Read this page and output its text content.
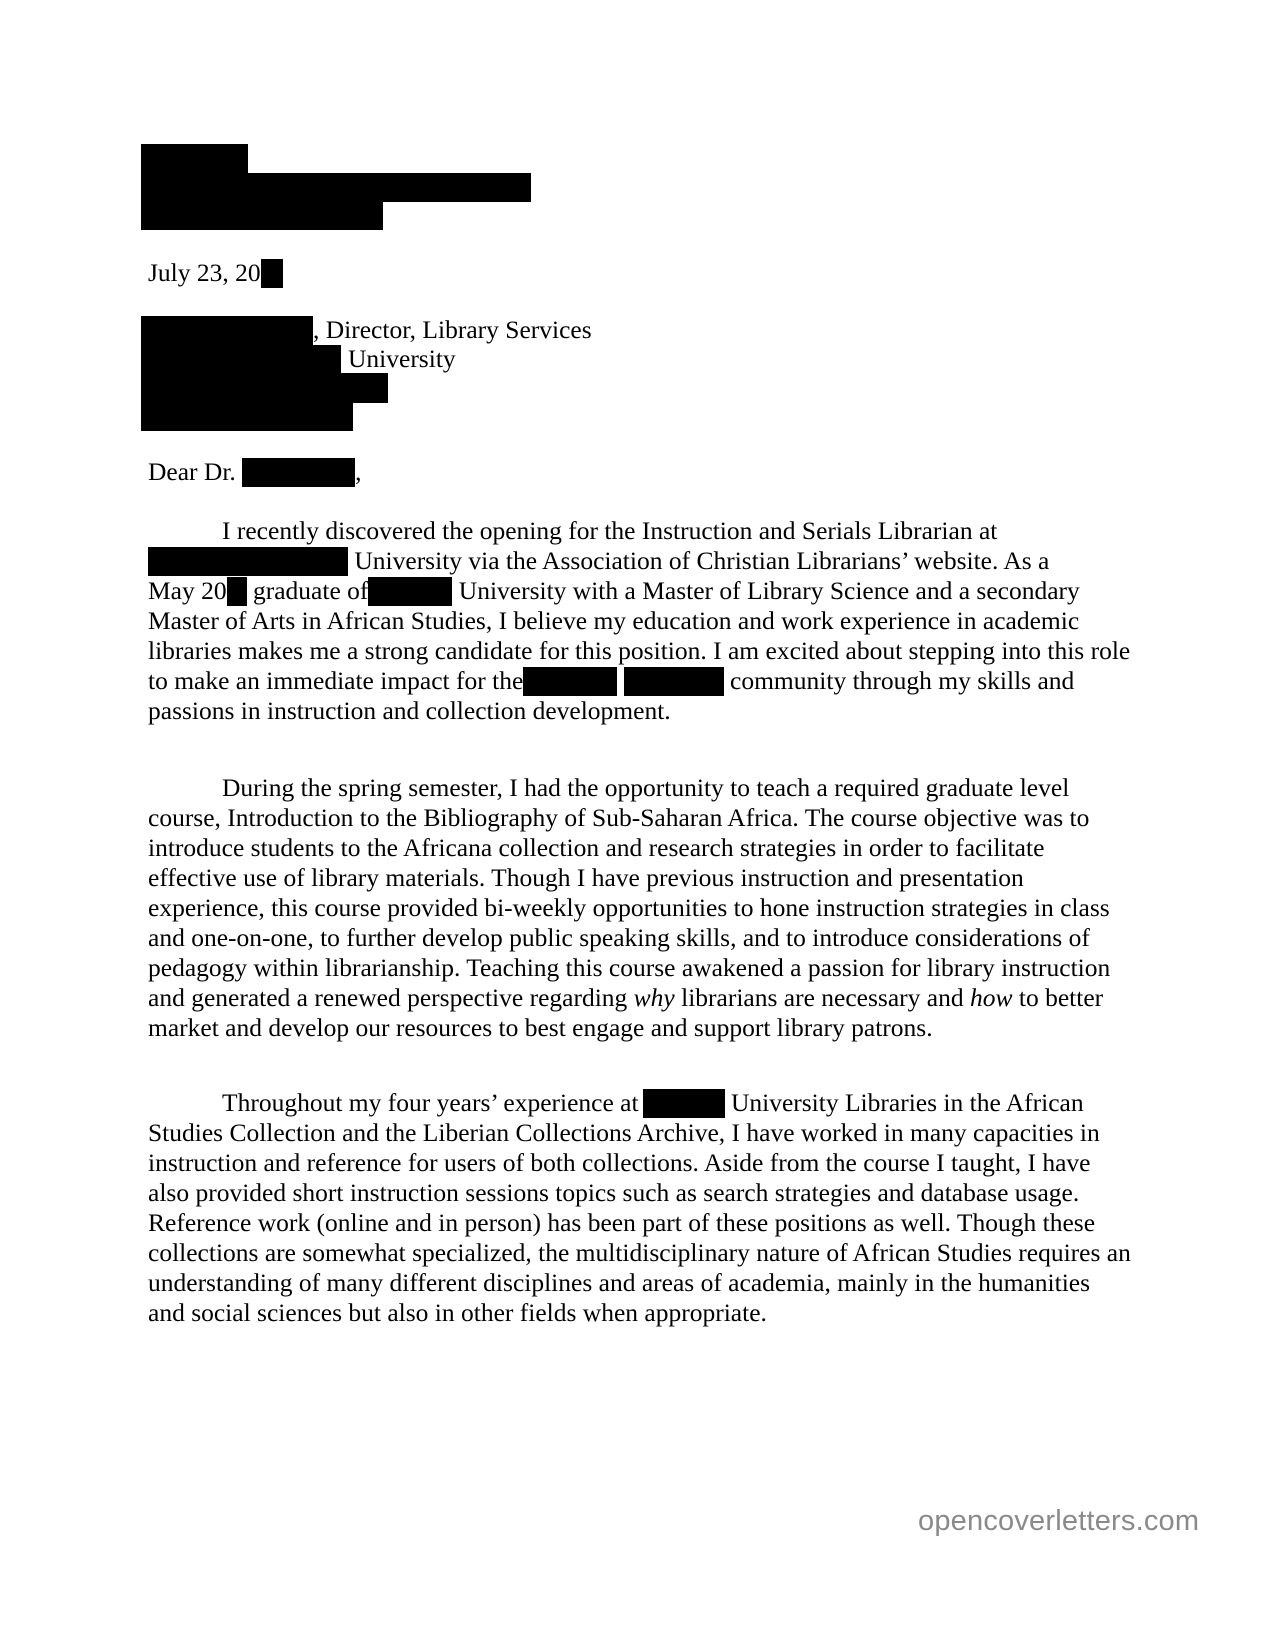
July 23, 20
, Director, Library Services
University
Dear Dr.	,
I recently discovered the opening for the Instruction and Serials Librarian at
University via the Association of Christian Librarians’ website. As a
May 20 graduate of	University with a Master of Library Science and a secondary Master of Arts in African Studies, I believe my education and work experience in academic libraries makes me a strong candidate for this position. I am excited about stepping into this role to make an immediate impact for the	community through my skills and passions in instruction and collection development.
During the spring semester, I had the opportunity to teach a required graduate level course, Introduction to the Bibliography of Sub-Saharan Africa. The course objective was to introduce students to the Africana collection and research strategies in order to facilitate effective use of library materials. Though I have previous instruction and presentation experience, this course provided bi-weekly opportunities to hone instruction strategies in class and one-on-one, to further develop public speaking skills, and to introduce considerations of pedagogy within librarianship. Teaching this course awakened a passion for library instruction and generated a renewed perspective regarding why librarians are necessary and how to better market and develop our resources to best engage and support library patrons.
Throughout my four years’ experience at	University Libraries in the African Studies Collection and the Liberian Collections Archive, I have worked in many capacities in instruction and reference for users of both collections. Aside from the course I taught, I have also provided short instruction sessions topics such as search strategies and database usage. Reference work (online and in person) has been part of these positions as well. Though these collections are somewhat specialized, the multidisciplinary nature of African Studies requires an understanding of many different disciplines and areas of academia, mainly in the humanities and social sciences but also in other fields when appropriate.
opencoverletters.com
